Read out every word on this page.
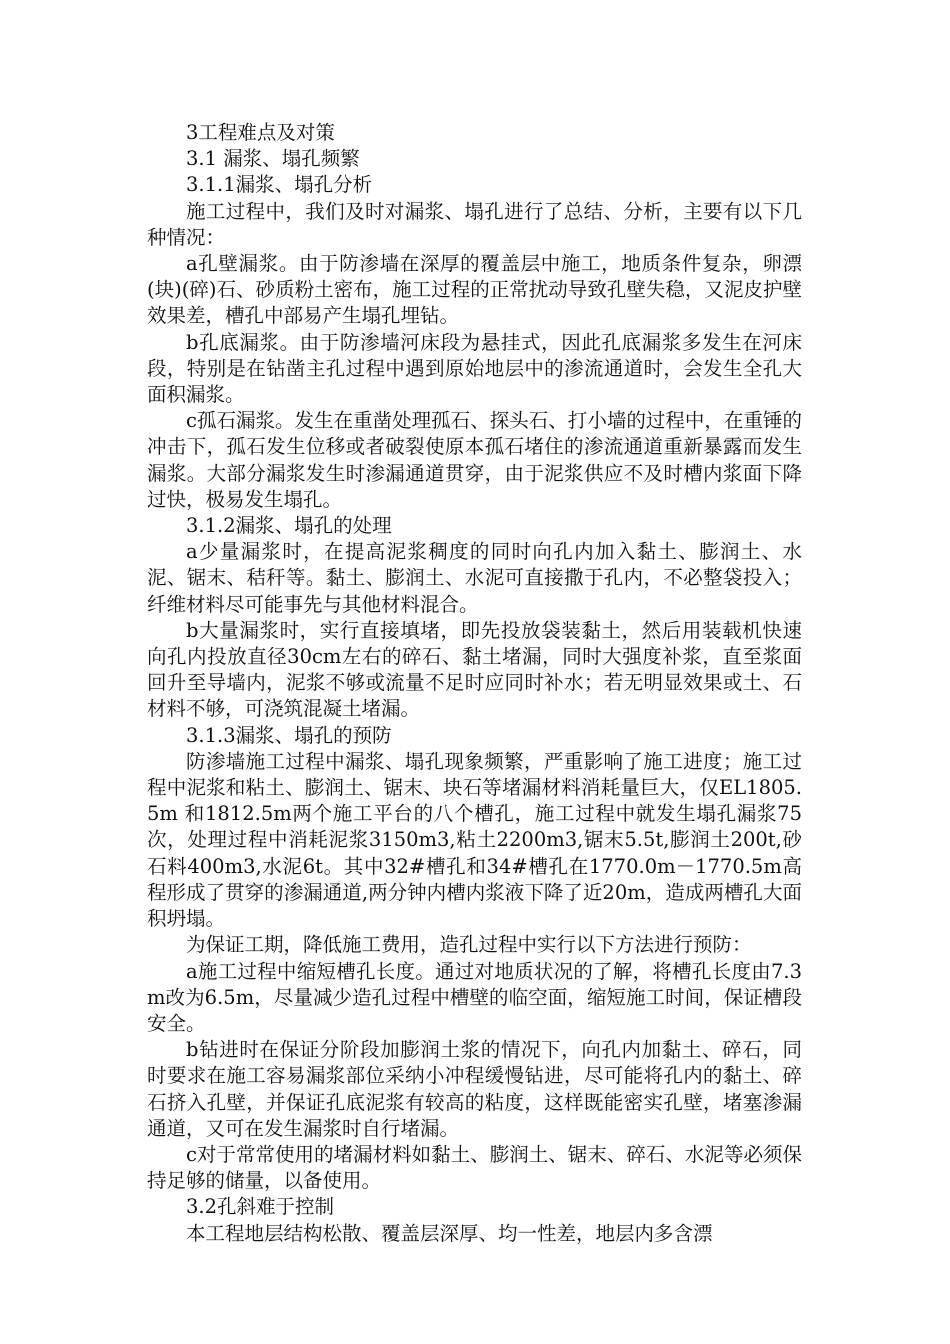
3工程难点及对策

3.1 漏浆、塌孔频繁

3.1.1漏浆、塌孔分析

施工过程中，我们及时对漏浆、塌孔进行了总结、分析，主要有以下几种情况：

a孔壁漏浆。由于防渗墙在深厚的覆盖层中施工，地质条件复杂，卵漂(块)(碎)石、砂质粉土密布，施工过程的正常扰动导致孔壁失稳，又泥皮护壁效果差，槽孔中部易产生塌孔埋钻。

b孔底漏浆。由于防渗墙河床段为悬挂式，因此孔底漏浆多发生在河床段，特别是在钻凿主孔过程中遇到原始地层中的渗流通道时，会发生全孔大面积漏浆。

c孤石漏浆。发生在重凿处理孤石、探头石、打小墙的过程中，在重锤的冲击下，孤石发生位移或者破裂使原本孤石堵住的渗流通道重新暴露而发生漏浆。大部分漏浆发生时渗漏通道贯穿，由于泥浆供应不及时槽内浆面下降过快，极易发生塌孔。

3.1.2漏浆、塌孔的处理

a少量漏浆时，在提高泥浆稠度的同时向孔内加入黏土、膨润土、水泥、锯末、秸秆等。黏土、膨润土、水泥可直接撒于孔内，不必整袋投入；纤维材料尽可能事先与其他材料混合。

b大量漏浆时，实行直接填堵，即先投放袋装黏土，然后用装载机快速向孔内投放直径30cm左右的碎石、黏土堵漏，同时大强度补浆，直至浆面回升至导墙内，泥浆不够或流量不足时应同时补水；若无明显效果或土、石材料不够，可浇筑混凝土堵漏。

3.1.3漏浆、塌孔的预防

防渗墙施工过程中漏浆、塌孔现象频繁，严重影响了施工进度；施工过程中泥浆和粘土、膨润土、锯末、块石等堵漏材料消耗量巨大，仅EL1805.5m 和1812.5m两个施工平台的八个槽孔，施工过程中就发生塌孔漏浆75次，处理过程中消耗泥浆3150m3,粘土2200m3,锯末5.5t,膨润土200t,砂石料400m3,水泥6t。其中32#槽孔和34#槽孔在1770.0m－1770.5m高程形成了贯穿的渗漏通道,两分钟内槽内浆液下降了近20m，造成两槽孔大面积坍塌。

为保证工期，降低施工费用，造孔过程中实行以下方法进行预防：

a施工过程中缩短槽孔长度。通过对地质状况的了解，将槽孔长度由7.3m改为6.5m，尽量减少造孔过程中槽壁的临空面，缩短施工时间，保证槽段安全。

b钻进时在保证分阶段加膨润土浆的情况下，向孔内加黏土、碎石，同时要求在施工容易漏浆部位采纳小冲程缓慢钻进，尽可能将孔内的黏土、碎石挤入孔壁，并保证孔底泥浆有较高的粘度，这样既能密实孔壁，堵塞渗漏通道，又可在发生漏浆时自行堵漏。

c对于常常使用的堵漏材料如黏土、膨润土、锯末、碎石、水泥等必须保持足够的储量，以备使用。

3.2孔斜难于控制

本工程地层结构松散、覆盖层深厚、均一性差，地层内多含漂
